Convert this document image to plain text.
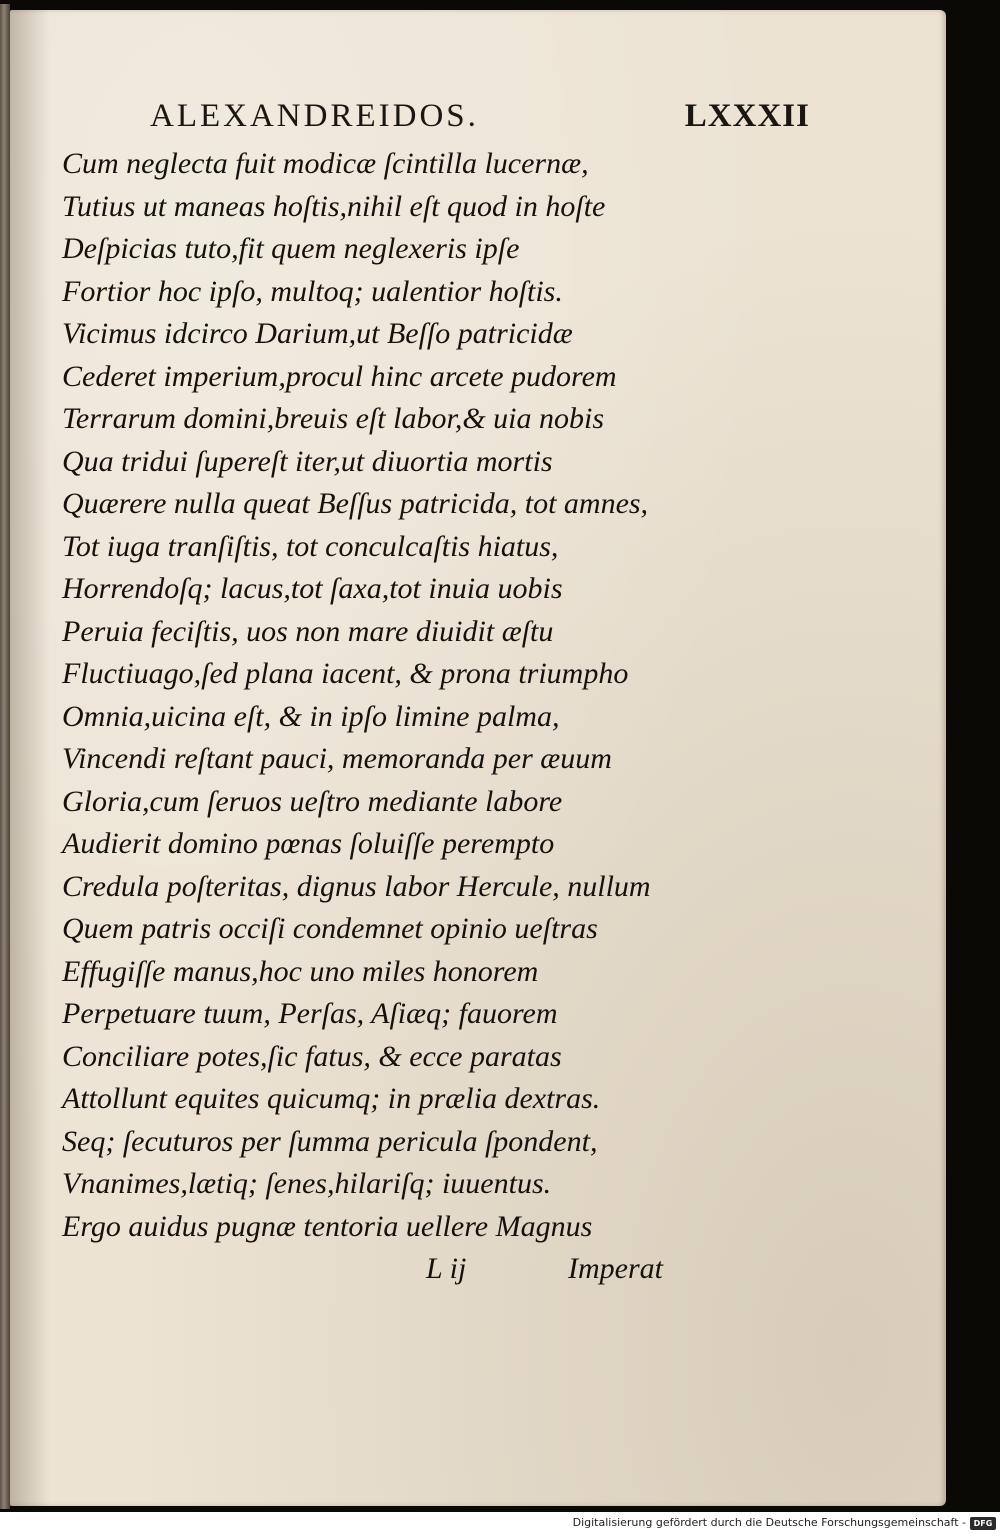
ALEXANDREIDOS.	LXXXII
Cum neglecta fuit modicæ ſcintilla lucernæ,
Tutius ut maneas hoſtis,nihil eſt quod in hoſte
Deſpicias tuto,fit quem neglexeris ipſe
Fortior hoc ipſo, multoq; ualentior hoſtis.
Vicimus idcirco Darium,ut Beſſo patricidæ
Cederet imperium,procul hinc arcete pudorem
Terrarum domini,breuis eſt labor,& uia nobis
Qua tridui ſupereſt iter,ut diuortia mortis
Quærere nulla queat Beſſus patricida, tot amnes,
Tot iuga tranſiſtis, tot conculcaſtis hiatus,
Horrendoſq; lacus,tot ſaxa,tot inuia uobis
Peruia feciſtis, uos non mare diuidit æſtu
Fluctiuago,ſed plana iacent, & prona triumpho
Omnia,uicina eſt, & in ipſo limine palma,
Vincendi reſtant pauci, memoranda per æuum
Gloria,cum ſeruos ueſtro mediante labore
Audierit domino pœnas ſoluiſſe perempto
Credula poſteritas, dignus labor Hercule, nullum
Quem patris occiſi condemnet opinio ueſtras
Effugiſſe manus,hoc uno miles honorem
Perpetuare tuum, Perſas, Aſiæq; fauorem
Conciliare potes,ſic fatus, & ecce paratas
Attollunt equites quicumq; in prælia dextras.
Seq; ſecuturos per ſumma pericula ſpondent,
Vnanimes,lætiq; ſenes,hilariſq; iuuentus.
Ergo auidus pugnæ tentoria uellere Magnus
L ij	Imperat
Digitalisierung gefördert durch die Deutsche Forschungsgemeinschaft - DFG
